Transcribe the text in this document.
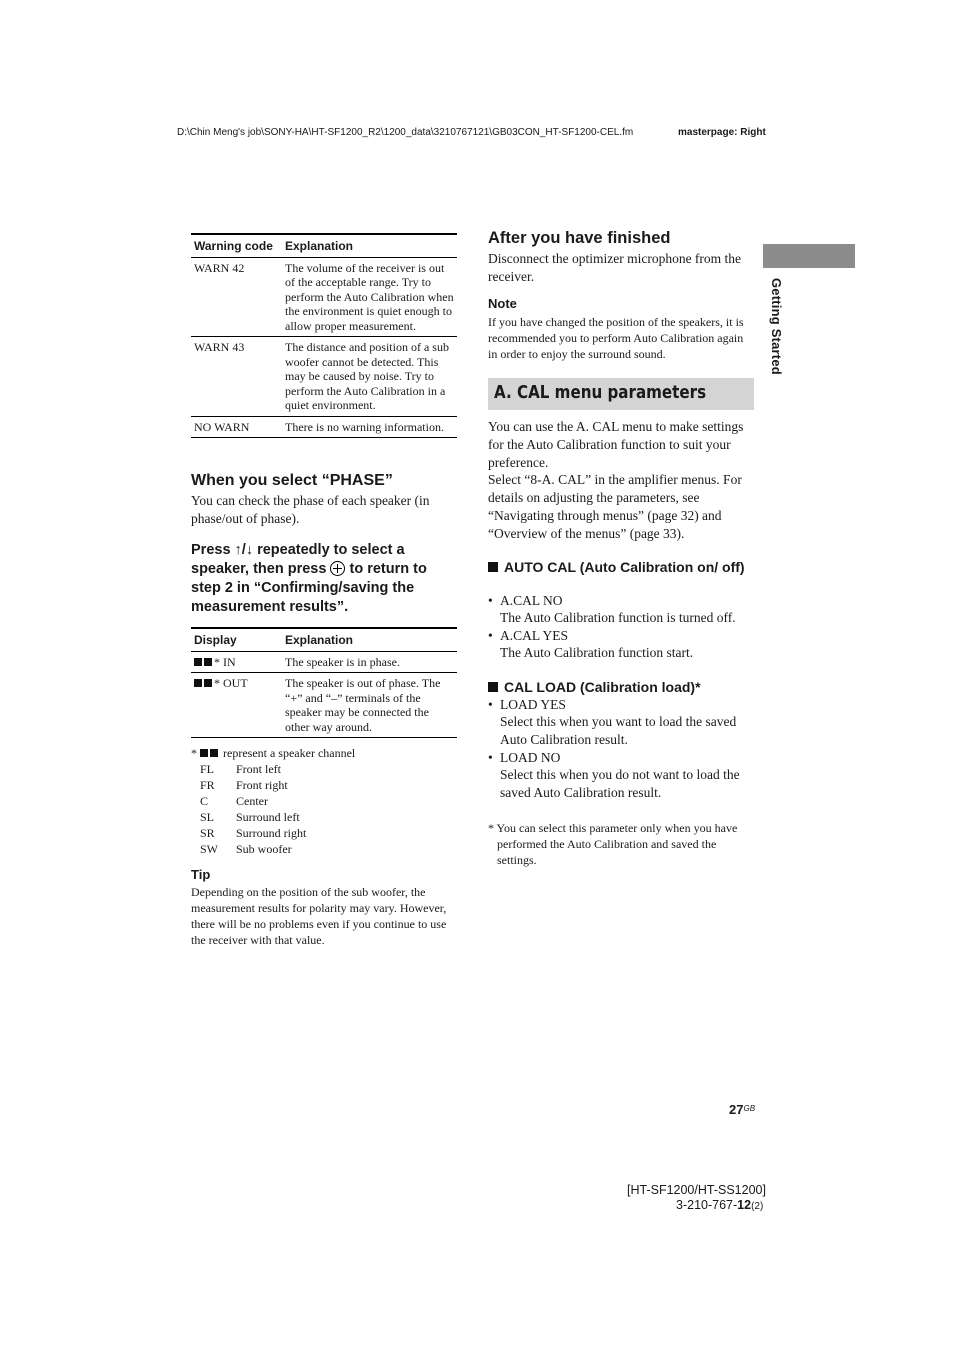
D:\Chin Meng's job\SONY-HA\HT-SF1200_R2\1200_data\3210767121\GB03CON_HT-SF1200-CEL.fm	masterpage: Right
Getting Started
Warning code	Explanation
WARN 42	The volume of the receiver is out of the acceptable range. Try to perform the Auto Calibration when the environment is quiet enough to allow proper measurement.
WARN 43	The distance and position of a sub woofer cannot be detected. This may be caused by noise. Try to perform the Auto Calibration in a quiet environment.
NO WARN	There is no warning information.
When you select “PHASE”
You can check the phase of each speaker (in phase/out of phase).
Press ↑/↓ repeatedly to select a speaker, then press to return to step 2 in “Confirming/saving the measurement results”.
Display	Explanation
* IN	The speaker is in phase.
* OUT	The speaker is out of phase. The “+” and “–” terminals of the speaker may be connected the other way around.
* represent a speaker channel
FL Front left
FR Front right
C Center
SL Surround left
SR Surround right
SW Sub woofer
Tip
Depending on the position of the sub woofer, the measurement results for polarity may vary. However, there will be no problems even if you continue to use the receiver with that value.
After you have finished
Disconnect the optimizer microphone from the receiver.
Note
If you have changed the position of the speakers, it is recommended you to perform Auto Calibration again in order to enjoy the surround sound.
A. CAL menu parameters
You can use the A. CAL menu to make settings for the Auto Calibration function to suit your preference.
Select “8-A. CAL” in the amplifier menus. For details on adjusting the parameters, see “Navigating through menus” (page 32) and “Overview of the menus” (page 33).
AUTO CAL (Auto Calibration on/ off)
• A.CAL NO
The Auto Calibration function is turned off.
• A.CAL YES
The Auto Calibration function start.
CAL LOAD (Calibration load)*
• LOAD YES
Select this when you want to load the saved Auto Calibration result.
• LOAD NO
Select this when you do not want to load the saved Auto Calibration result.
* You can select this parameter only when you have performed the Auto Calibration and saved the settings.
$27^{GB}$
[HT-SF1200/HT-SS1200]
3-210-767-12(2)
